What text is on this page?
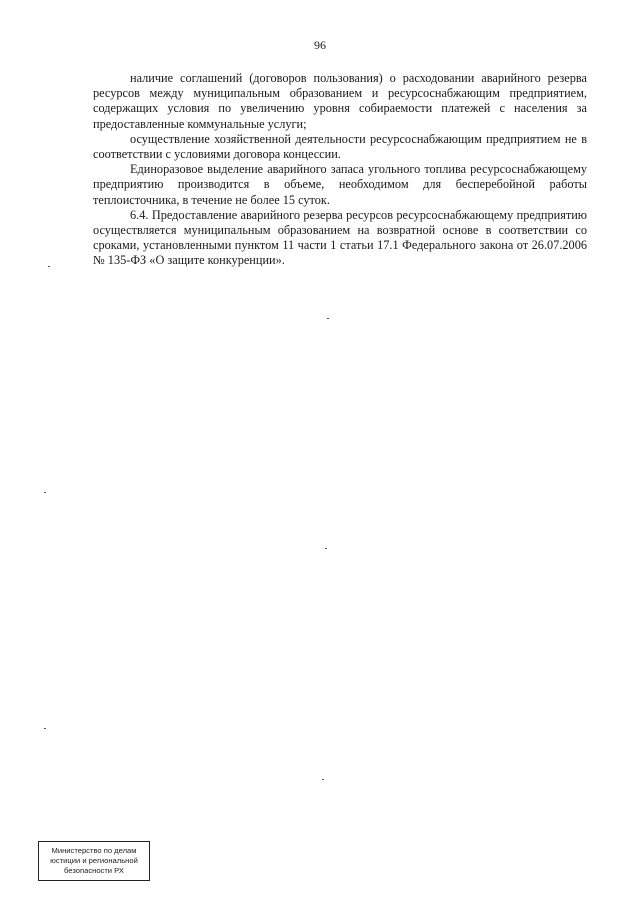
96

наличие соглашений (договоров пользования) о расходовании аварийного резерва ресурсов между муниципальным образованием и ресурсоснабжающим предприятием, содержащих условия по увеличению уровня собираемости платежей с населения за предоставленные коммунальные услуги;

осуществление хозяйственной деятельности ресурсоснабжающим предприятием не в соответствии с условиями договора концессии.

Единоразовое выделение аварийного запаса угольного топлива ресурсоснабжающему предприятию производится в объеме, необходимом для бесперебойной работы теплоисточника, в течение не более 15 суток.

6.4. Предоставление аварийного резерва ресурсов ресурсоснабжающему предприятию осуществляется муниципальным образованием на возвратной основе в соответствии со сроками, установленными пунктом 11 части 1 статьи 17.1 Федерального закона от 26.07.2006 № 135-ФЗ «О защите конкуренции».

Министерство по делам
юстиции и региональной
безопасности РХ
